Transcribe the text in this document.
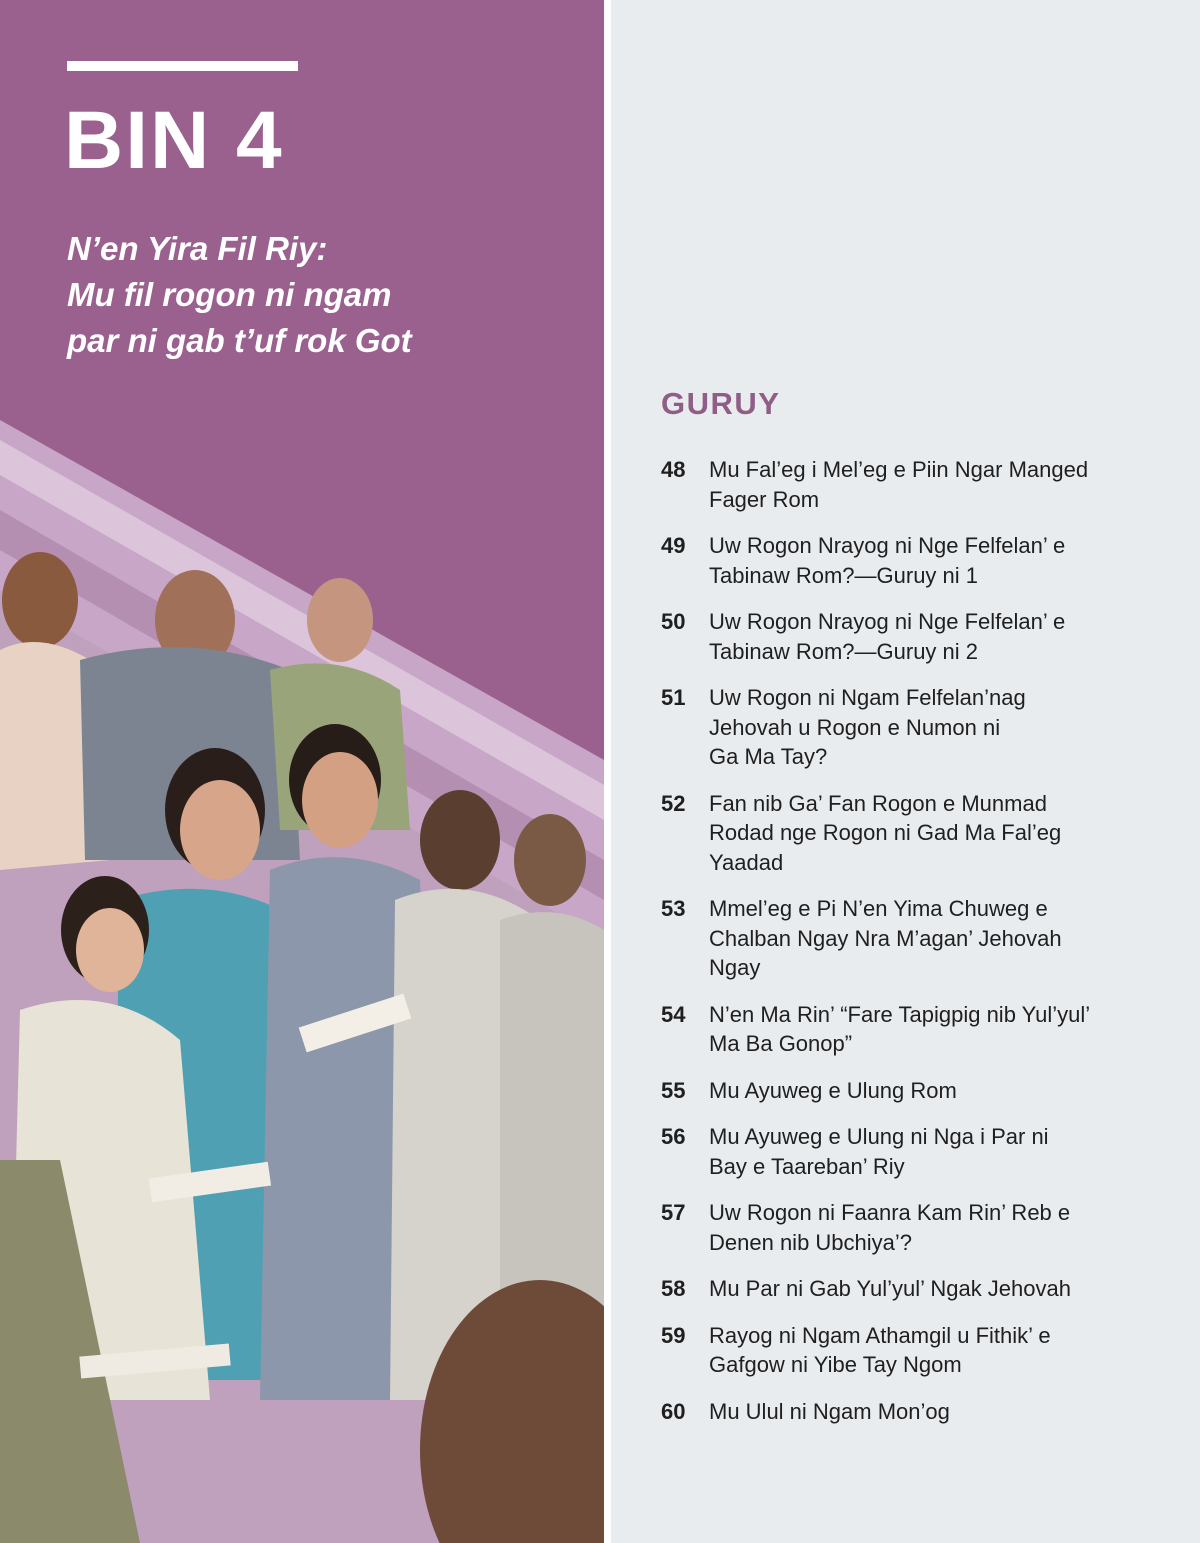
BIN 4
N’en Yira Fil Riy:
Mu fil rogon ni ngam
par ni gab t’uf rok Got
GURUY
48	Mu Fal’eg i Mel’eg e Piin Ngar Manged
Fager Rom
49	Uw Rogon Nrayog ni Nge Felfelan’ e
Tabinaw Rom?—Guruy ni 1
50	Uw Rogon Nrayog ni Nge Felfelan’ e
Tabinaw Rom?—Guruy ni 2
51	Uw Rogon ni Ngam Felfelan’nag
Jehovah u Rogon e Numon ni
Ga Ma Tay?
52	Fan nib Ga’ Fan Rogon e Munmad
Rodad nge Rogon ni Gad Ma Fal’eg
Yaadad
53	Mmel’eg e Pi N’en Yima Chuweg e
Chalban Ngay Nra M’agan’ Jehovah
Ngay
54	N’en Ma Rin’ “Fare Tapigpig nib Yul’yul’
Ma Ba Gonop”
55	Mu Ayuweg e Ulung Rom
56	Mu Ayuweg e Ulung ni Nga i Par ni
Bay e Taareban’ Riy
57	Uw Rogon ni Faanra Kam Rin’ Reb e
Denen nib Ubchiya’?
58	Mu Par ni Gab Yul’yul’ Ngak Jehovah
59	Rayog ni Ngam Athamgil u Fithik’ e
Gafgow ni Yibe Tay Ngom
60	Mu Ulul ni Ngam Mon’og
